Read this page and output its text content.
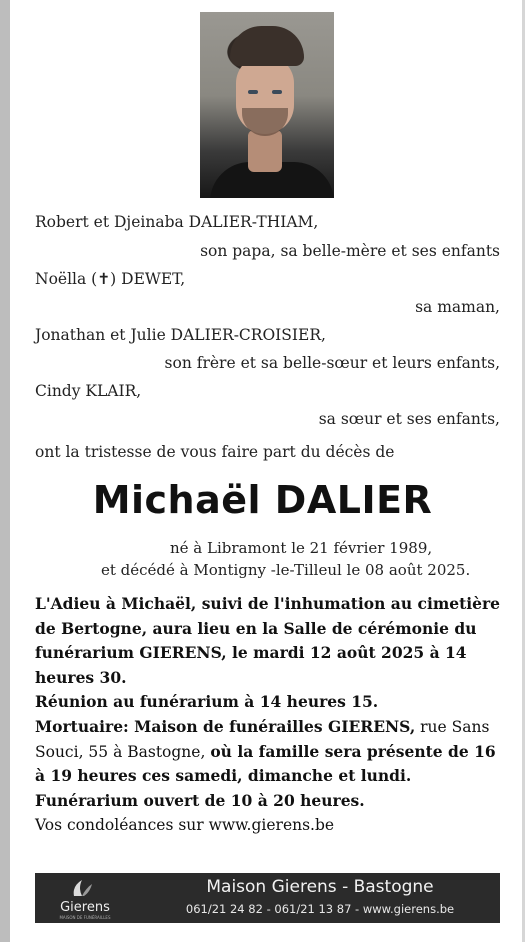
Robert et Djeinaba DALIER-THIAM,
son papa, sa belle-mère et ses enfants
Noëlla (✝) DEWET,
sa maman,
Jonathan et Julie DALIER-CROISIER,
son frère et sa belle-sœur et leurs enfants,
Cindy KLAIR,
sa sœur et ses enfants,
ont la tristesse de vous faire part du décès de
Michaël DALIER
né à Libramont le 21 février 1989,
et décédé à Montigny -le-Tilleul le 08 août 2025.

L'Adieu à Michaël, suivi de l'inhumation au cimetière de Bertogne, aura lieu en la Salle de cérémonie du funérarium GIERENS, le mardi 12 août 2025 à 14 heures 30.

Réunion au funérarium à 14 heures 15.

Mortuaire: Maison de funérailles GIERENS, rue Sans Souci, 55 à Bastogne, où la famille sera présente de 16 à 19 heures ces samedi, dimanche et lundi.

Funérarium ouvert de 10 à 20 heures.

Vos condoléances sur www.gierens.be

Gierens
MAISON DE FUNÉRAILLES
Maison Gierens - Bastogne
061/21 24 82 - 061/21 13 87 - www.gierens.be
